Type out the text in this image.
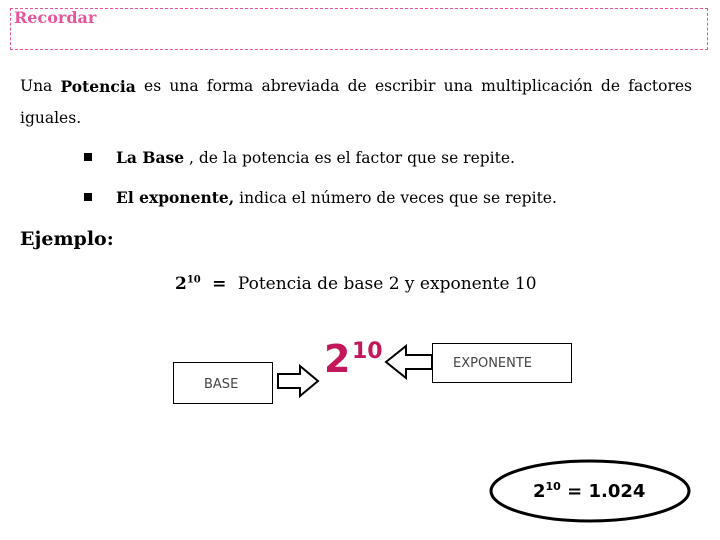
Recordar
Una Potencia es una forma abreviada de escribir una multiplicación de factores
iguales.
La Base , de la potencia es el factor que se repite.
El exponente, indica el número de veces que se repite.
Ejemplo:
$2^{10}$ = Potencia de base 2 y exponente 10
BASE
2 10	EXPONENTE
$2^{10} = 1.024$
